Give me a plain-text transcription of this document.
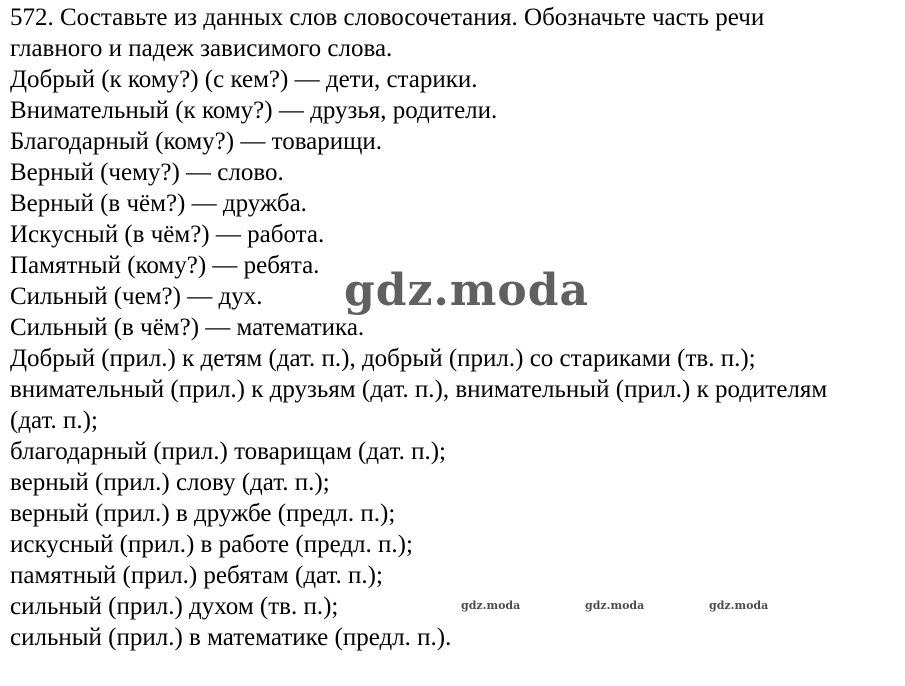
572. Составьте из данных слов словосочетания. Обозначьте часть речи

главного и падеж зависимого слова.

Добрый (к кому?) (с кем?) — дети, старики.

Внимательный (к кому?) — друзья, родители.

Благодарный (кому?) — товарищи.

Верный (чему?) — слово.

Верный (в чём?) — дружба.

Искусный (в чём?) — работа.

Памятный (кому?) — ребята.

Сильный (чем?) — дух.

Сильный (в чём?) — математика.

Добрый (прил.) к детям (дат. п.), добрый (прил.) со стариками (тв. п.);

внимательный (прил.) к друзьям (дат. п.), внимательный (прил.) к родителям

(дат. п.);

благодарный (прил.) товарищам (дат. п.);

верный (прил.) слову (дат. п.);

верный (прил.) в дружбе (предл. п.);

искусный (прил.) в работе (предл. п.);

памятный (прил.) ребятам (дат. п.);

сильный (прил.) духом (тв. п.);

сильный (прил.) в математике (предл. п.).

gdz.moda
gdz.moda	gdz.moda	gdz.moda
